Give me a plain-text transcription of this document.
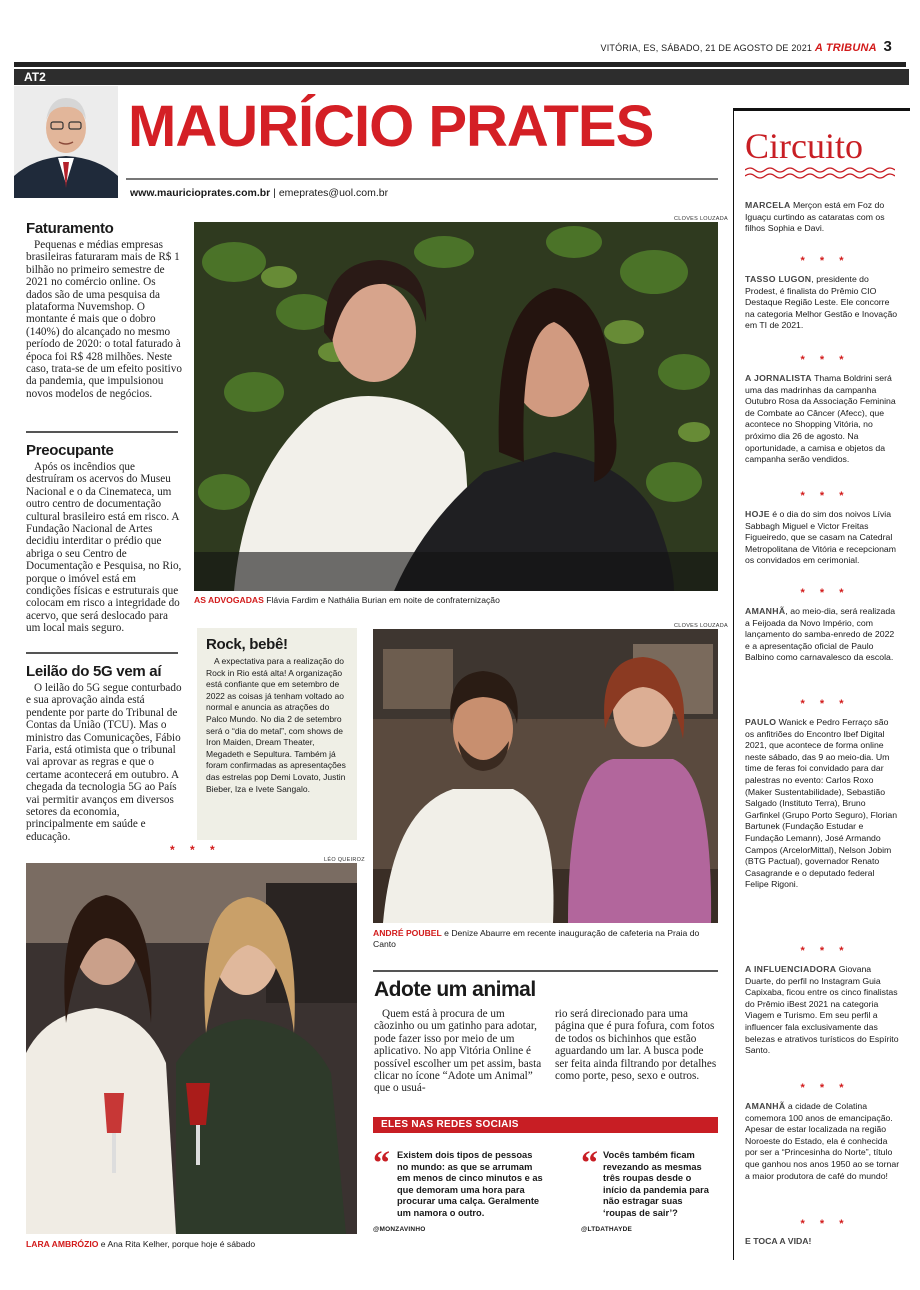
VITÓRIA, ES, SÁBADO, 21 DE AGOSTO DE 2021 A TRIBUNA 3
AT2
MAURÍCIO PRATES
www.mauricioprates.com.br | emeprates@uol.com.br
Faturamento
Pequenas e médias empresas brasileiras faturaram mais de R$ 1 bilhão no primeiro semestre de 2021 no comércio online. Os dados são de uma pesquisa da plataforma Nuvemshop. O montante é mais que o dobro (140%) do alcançado no mesmo período de 2020: o total faturado à época foi R$ 428 milhões. Neste caso, trata-se de um efeito positivo da pandemia, que impulsionou novos modelos de negócios.
Preocupante
Após os incêndios que destruíram os acervos do Museu Nacional e o da Cinemateca, um outro centro de documentação cultural brasileiro está em risco. A Fundação Nacional de Artes decidiu interditar o prédio que abriga o seu Centro de Documentação e Pesquisa, no Rio, porque o imóvel está em condições físicas e estruturais que colocam em risco a integridade do acervo, que será deslocado para um local mais seguro.
Leilão do 5G vem aí
O leilão do 5G segue conturbado e sua aprovação ainda está pendente por parte do Tribunal de Contas da União (TCU). Mas o ministro das Comunicações, Fábio Faria, está otimista que o tribunal vai aprovar as regras e que o certame acontecerá em outubro. A chegada da tecnologia 5G ao País vai permitir avanços em diversos setores da economia, principalmente em saúde e educação.
* * *
CLOVES LOUZADA
AS ADVOGADAS Flávia Fardim e Nathália Burian em noite de confraternização
Rock, bebê!
A expectativa para a realização do Rock in Rio está alta! A organização está confiante que em setembro de 2022 as coisas já tenham voltado ao normal e anuncia as atrações do Palco Mundo. No dia 2 de setembro será o “dia do metal”, com shows de Iron Maiden, Dream Theater, Megadeth e Sepultura. Também já foram confirmadas as apresentações das estrelas pop Demi Lovato, Justin Bieber, Iza e Ivete Sangalo.
CLOVES LOUZADA
ANDRÉ POUBEL e Denize Abaurre em recente inauguração de cafeteria na Praia do Canto
LÉO QUEIROZ
LARA AMBRÓZIO e Ana Rita Kelher, porque hoje é sábado
Adote um animal
Quem está à procura de um cãozinho ou um gatinho para adotar, pode fazer isso por meio de um aplicativo. No app Vitória Online é possível escolher um pet assim, basta clicar no ícone “Adote um Animal” que o usuá-
rio será direcionado para uma página que é pura fofura, com fotos de todos os bichinhos que estão aguardando um lar. A busca pode ser feita ainda filtrando por detalhes como porte, peso, sexo e outros.
ELES NAS REDES SOCIAIS
“ Existem dois tipos de pessoas no mundo: as que se arrumam em menos de cinco minutos e as que demoram uma hora para procurar uma calça. Geralmente um namora o outro.
@MONZAVINHO
“ Vocês também ficam revezando as mesmas três roupas desde o início da pandemia para não estragar suas ‘roupas de sair’?
@LTDATHAYDE
Circuito
MARCELA Merçon está em Foz do Iguaçu curtindo as cataratas com os filhos Sophia e Davi.
* * *
TASSO LUGON, presidente do Prodest, é finalista do Prêmio CIO Destaque Região Leste. Ele concorre na categoria Melhor Gestão e Inovação em TI de 2021.
* * *
A JORNALISTA Thama Boldrini será uma das madrinhas da campanha Outubro Rosa da Associação Feminina de Combate ao Câncer (Afecc), que acontece no Shopping Vitória, no próximo dia 26 de agosto. Na oportunidade, a camisa e objetos da campanha serão vendidos.
* * *
HOJE é o dia do sim dos noivos Lívia Sabbagh Miguel e Victor Freitas Figueiredo, que se casam na Catedral Metropolitana de Vitória e recepcionam os convidados em cerimonial.
* * *
AMANHÃ, ao meio-dia, será realizada a Feijoada da Novo Império, com lançamento do samba-enredo de 2022 e a apresentação oficial de Paulo Balbino como carnavalesco da escola.
* * *
PAULO Wanick e Pedro Ferraço são os anfitriões do Encontro Ibef Digital 2021, que acontece de forma online neste sábado, das 9 ao meio-dia. Um time de feras foi convidado para dar palestras no evento: Carlos Roxo (Maker Sustentabilidade), Sebastião Salgado (Instituto Terra), Bruno Garfinkel (Grupo Porto Seguro), Florian Bartunek (Fundação Estudar e Fundação Lemann), José Armando Campos (ArcelorMittal), Nelson Jobim (BTG Pactual), governador Renato Casagrande e o deputado federal Felipe Rigoni.
* * *
A INFLUENCIADORA Giovana Duarte, do perfil no Instagram Guia Capixaba, ficou entre os cinco finalistas do Prêmio iBest 2021 na categoria Viagem e Turismo. Em seu perfil a influencer fala exclusivamente das belezas e atrativos turísticos do Espírito Santo.
* * *
AMANHÃ a cidade de Colatina comemora 100 anos de emancipação. Apesar de estar localizada na região Noroeste do Estado, ela é conhecida por ser a “Princesinha do Norte”, título que ganhou nos anos 1950 ao se tornar a maior produtora de café do mundo!
* * *
E TOCA A VIDA!
